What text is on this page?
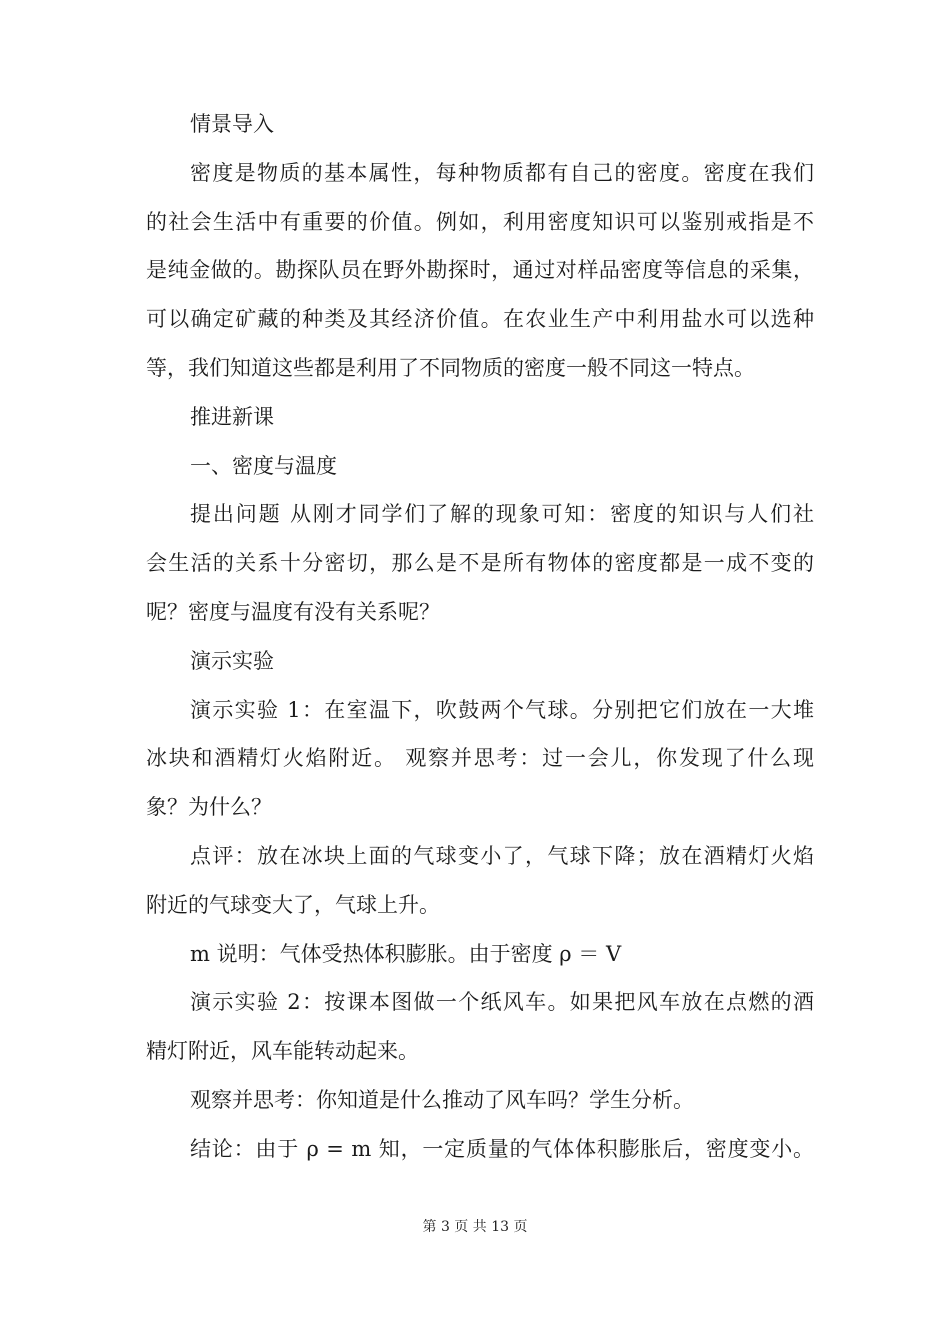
情景导入
密度是物质的基本属性，每种物质都有自己的密度。密度在我们
的社会生活中有重要的价值。例如，利用密度知识可以鉴别戒指是不
是纯金做的。勘探队员在野外勘探时，通过对样品密度等信息的采集，
可以确定矿藏的种类及其经济价值。在农业生产中利用盐水可以选种
等，我们知道这些都是利用了不同物质的密度一般不同这一特点。
推进新课
一、密度与温度
提出问题 从刚才同学们了解的现象可知：密度的知识与人们社
会生活的关系十分密切，那么是不是所有物体的密度都是一成不变的
呢？密度与温度有没有关系呢？
演示实验
演示实验 1：在室温下，吹鼓两个气球。分别把它们放在一大堆
冰块和酒精灯火焰附近。 观察并思考：过一会儿，你发现了什么现
象？为什么？
点评：放在冰块上面的气球变小了，气球下降；放在酒精灯火焰
附近的气球变大了，气球上升。
m 说明：气体受热体积膨胀。由于密度 ρ ＝ V
演示实验 2：按课本图做一个纸风车。如果把风车放在点燃的酒
精灯附近，风车能转动起来。
观察并思考：你知道是什么推动了风车吗？学生分析。
结论：由于 ρ = m 知，一定质量的气体体积膨胀后，密度变小。
第 3 页 共 13 页
